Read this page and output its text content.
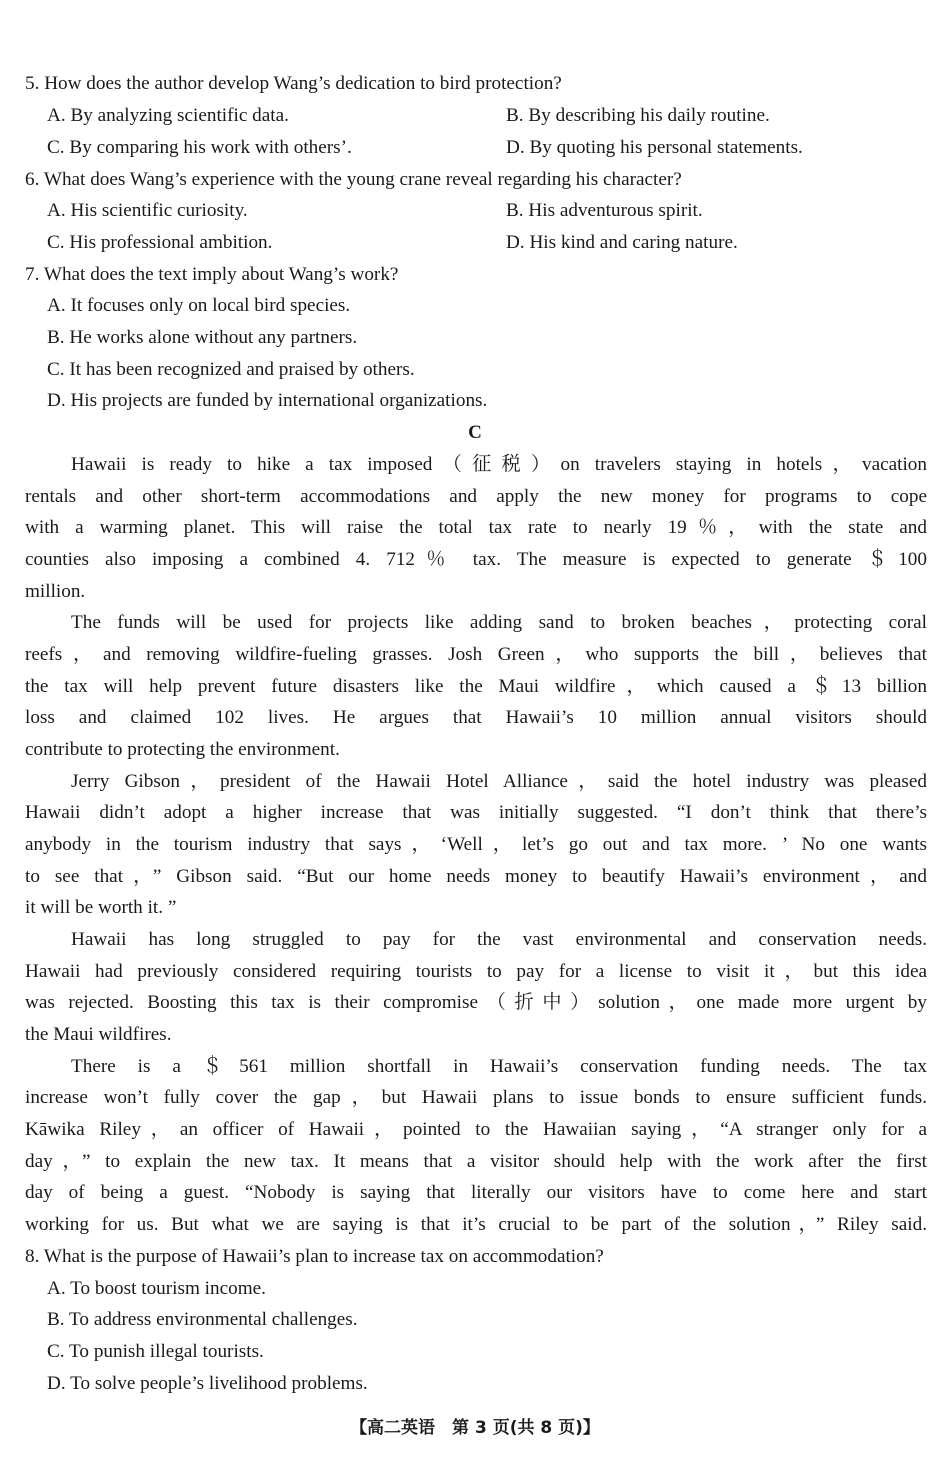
5. How does the author develop Wang’s dedication to bird protection?
A. By analyzing scientific data.	B. By describing his daily routine.
C. By comparing his work with others’.	D. By quoting his personal statements.
6. What does Wang’s experience with the young crane reveal regarding his character?
A. His scientific curiosity.	B. His adventurous spirit.
C. His professional ambition.	D. His kind and caring nature.
7. What does the text imply about Wang’s work?
A. It focuses only on local bird species.
B. He works alone without any partners.
C. It has been recognized and praised by others.
D. His projects are funded by international organizations.
C
Hawaii is ready to hike a tax imposed（征税）on travelers staying in hotels，vacation
rentals and other short-term accommodations and apply the new money for programs to cope
with a warming planet. This will raise the total tax rate to nearly 19％，with the state and
counties also imposing a combined 4. 712％ tax. The measure is expected to generate ＄100
million.
The funds will be used for projects like adding sand to broken beaches，protecting coral
reefs，and removing wildfire-fueling grasses. Josh Green，who supports the bill，believes that
the tax will help prevent future disasters like the Maui wildfire，which caused a ＄13 billion
loss and claimed 102 lives. He argues that Hawaii’s 10 million annual visitors should
contribute to protecting the environment.
Jerry Gibson，president of the Hawaii Hotel Alliance，said the hotel industry was pleased
Hawaii didn’t adopt a higher increase that was initially suggested. “I don’t think that there’s
anybody in the tourism industry that says，‘Well，let’s go out and tax more. ’ No one wants
to see that，” Gibson said. “But our home needs money to beautify Hawaii’s environment，and
it will be worth it. ”
Hawaii has long struggled to pay for the vast environmental and conservation needs.
Hawaii had previously considered requiring tourists to pay for a license to visit it，but this idea
was rejected. Boosting this tax is their compromise（折中）solution，one made more urgent by
the Maui wildfires.
There is a ＄561 million shortfall in Hawaii’s conservation funding needs. The tax
increase won’t fully cover the gap，but Hawaii plans to issue bonds to ensure sufficient funds.
Kāwika Riley，an officer of Hawaii，pointed to the Hawaiian saying，“A stranger only for a
day，” to explain the new tax. It means that a visitor should help with the work after the first
day of being a guest. “Nobody is saying that literally our visitors have to come here and start
working for us. But what we are saying is that it’s crucial to be part of the solution，” Riley said.
8. What is the purpose of Hawaii’s plan to increase tax on accommodation?
A. To boost tourism income.
B. To address environmental challenges.
C. To punish illegal tourists.
D. To solve people’s livelihood problems.
【高二英语　第 3 页(共 8 页)】
